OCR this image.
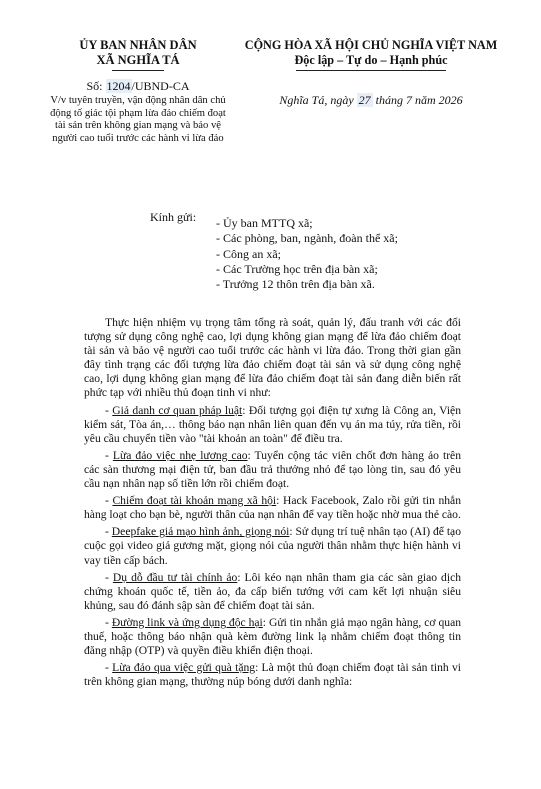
ỦY BAN NHÂN DÂN
XÃ NGHĨA TÁ
Số: 1204/UBND-CA
V/v tuyên truyền, vận động nhân dân chủ động tố giác tội phạm lừa đảo chiếm đoạt tài sản trên không gian mạng và bảo vệ người cao tuổi trước các hành vi lừa đảo
CỘNG HÒA XÃ HỘI CHỦ NGHĨA VIỆT NAM
Độc lập – Tự do – Hạnh phúc
Nghĩa Tá, ngày 27 tháng 7 năm 2026
Kính gửi: - Ủy ban MTTQ xã;
- Các phòng, ban, ngành, đoàn thể xã;
- Công an xã;
- Các Trường học trên địa bàn xã;
- Trưởng 12 thôn trên địa bàn xã.

Thực hiện nhiệm vụ trọng tâm tổng rà soát, quản lý, đấu tranh với các đối tượng sử dụng công nghệ cao, lợi dụng không gian mạng để lừa đảo chiếm đoạt tài sản và bảo vệ người cao tuổi trước các hành vi lừa đảo. Trong thời gian gần đây tình trạng các đối tượng lừa đảo chiếm đoạt tài sản và sử dụng công nghệ cao, lợi dụng không gian mạng để lừa đảo chiếm đoạt tài sản đang diễn biến rất phức tạp với nhiều thủ đoạn tinh vi như:

- Giả danh cơ quan pháp luật: Đối tượng gọi điện tự xưng là Công an, Viện kiểm sát, Tòa án,… thông báo nạn nhân liên quan đến vụ án ma túy, rửa tiền, rồi yêu cầu chuyển tiền vào "tài khoản an toàn" để điều tra.

- Lừa đảo việc nhẹ lương cao: Tuyển cộng tác viên chốt đơn hàng ảo trên các sàn thương mại điện tử, ban đầu trả thưởng nhỏ để tạo lòng tin, sau đó yêu cầu nạn nhân nạp số tiền lớn rồi chiếm đoạt.

- Chiếm đoạt tài khoản mạng xã hội: Hack Facebook, Zalo rồi gửi tin nhắn hàng loạt cho bạn bè, người thân của nạn nhân để vay tiền hoặc nhờ mua thẻ cào.

- Deepfake giả mạo hình ảnh, giọng nói: Sử dụng trí tuệ nhân tạo (AI) để tạo cuộc gọi video giả gương mặt, giọng nói của người thân nhằm thực hiện hành vi vay tiền cấp bách.

- Dụ dỗ đầu tư tài chính ảo: Lôi kéo nạn nhân tham gia các sàn giao dịch chứng khoán quốc tế, tiền ảo, đa cấp biến tướng với cam kết lợi nhuận siêu khủng, sau đó đánh sập sàn để chiếm đoạt tài sản.

- Đường link và ứng dụng độc hại: Gửi tin nhắn giả mạo ngân hàng, cơ quan thuế, hoặc thông báo nhận quà kèm đường link lạ nhằm chiếm đoạt thông tin đăng nhập (OTP) và quyền điều khiển điện thoại.

- Lừa đảo qua việc gửi quà tặng: Là một thủ đoạn chiếm đoạt tài sản tinh vi trên không gian mạng, thường núp bóng dưới danh nghĩa:
